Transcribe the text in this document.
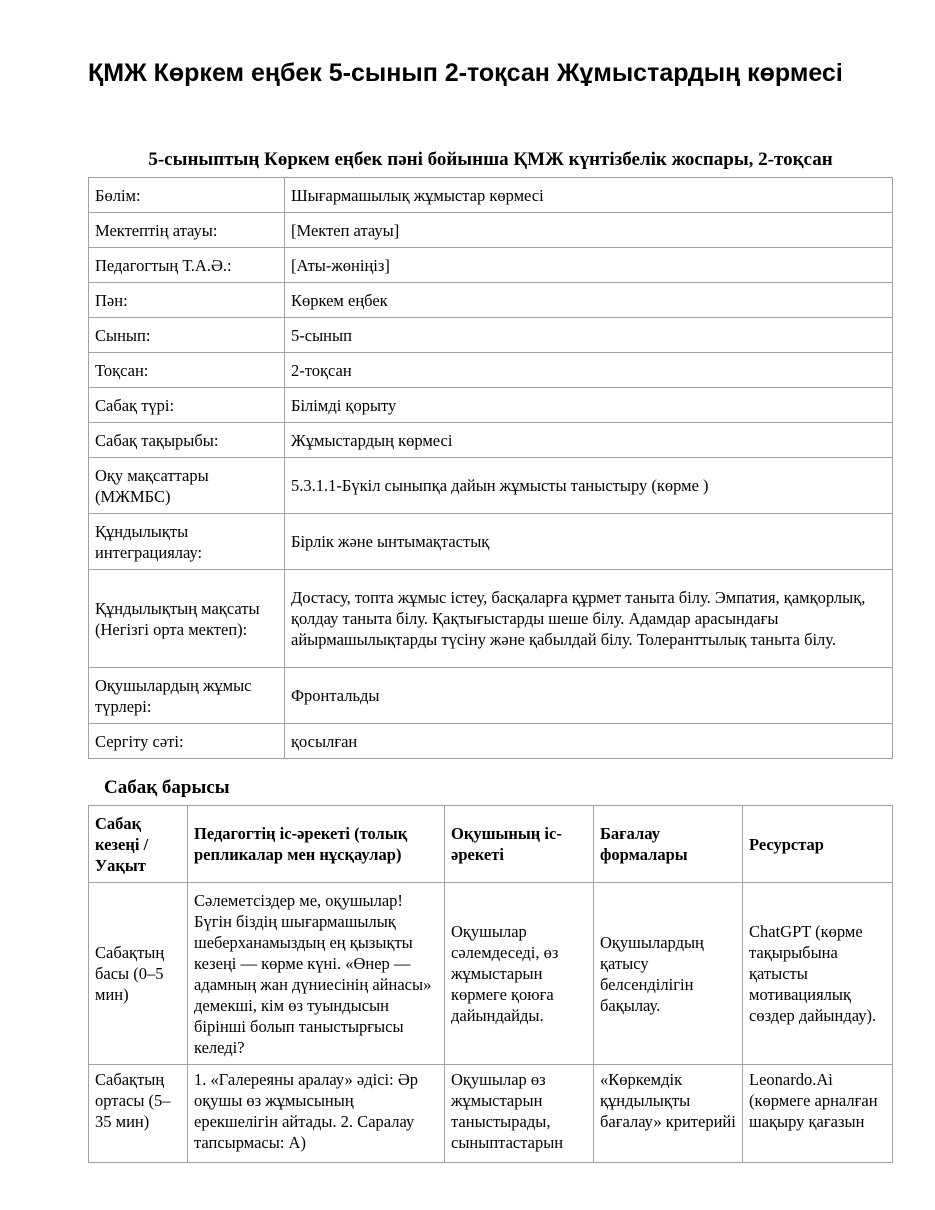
ҚМЖ Көркем еңбек 5-сынып 2-тоқсан Жұмыстардың көрмесі
5-сыныптың Көркем еңбек пәні бойынша ҚМЖ күнтізбелік жоспары, 2-тоқсан
Бөлім:	Шығармашылық жұмыстар көрмесі
Мектептің атауы:	[Мектеп атауы]
Педагогтың Т.А.Ә.:	[Аты-жөніңіз]
Пән:	Көркем еңбек
Сынып:	5-сынып
Тоқсан:	2-тоқсан
Сабақ түрі:	Білімді қорыту
Сабақ тақырыбы:	Жұмыстардың көрмесі
Оқу мақсаттары (МЖМБС)	5.3.1.1-Бүкіл сыныпқа дайын жұмысты таныстыру (көрме )
Құндылықты интеграциялау:	Бірлік және ынтымақтастық
Құндылықтың мақсаты (Негізгі орта мектеп):	Достасу, топта жұмыс істеу, басқаларға құрмет таныта білу. Эмпатия, қамқорлық, қолдау таныта білу. Қақтығыстарды шеше білу. Адамдар арасындағы айырмашылықтарды түсіну және қабылдай білу. Толеранттылық таныта білу.
Оқушылардың жұмыс түрлері:	Фронтальды
Сергіту сәті:	қосылған
Сабақ барысы
Сабақ кезеңі / Уақыт	Педагогтің іс-әрекеті (толық репликалар мен нұсқаулар)	Оқушының іс-әрекеті	Бағалау формалары	Ресурстар
Сабақтың басы (0–5 мин)	Сәлеметсіздер ме, оқушылар! Бүгін біздің шығармашылық шеберханамыздың ең қызықты кезеңі — көрме күні. «Өнер — адамның жан дүниесінің айнасы» демекші, кім өз туындысын бірінші болып таныстырғысы келеді?	Оқушылар сәлемдеседі, өз жұмыстарын көрмеге қоюға дайындайды.	Оқушылардың қатысу белсенділігін бақылау.	ChatGPT (көрме тақырыбына қатысты мотивациялық сөздер дайындау).
Сабақтың ортасы (5–35 мин)	1. «Галереяны аралау» әдісі: Әр оқушы өз жұмысының ерекшелігін айтады. 2. Саралау тапсырмасы: А)	Оқушылар өз жұмыстарын таныстырады, сыныптастарын	«Көркемдік құндылықты бағалау» критерийі	Leonardo.Ai (көрмеге арналған шақыру қағазын
